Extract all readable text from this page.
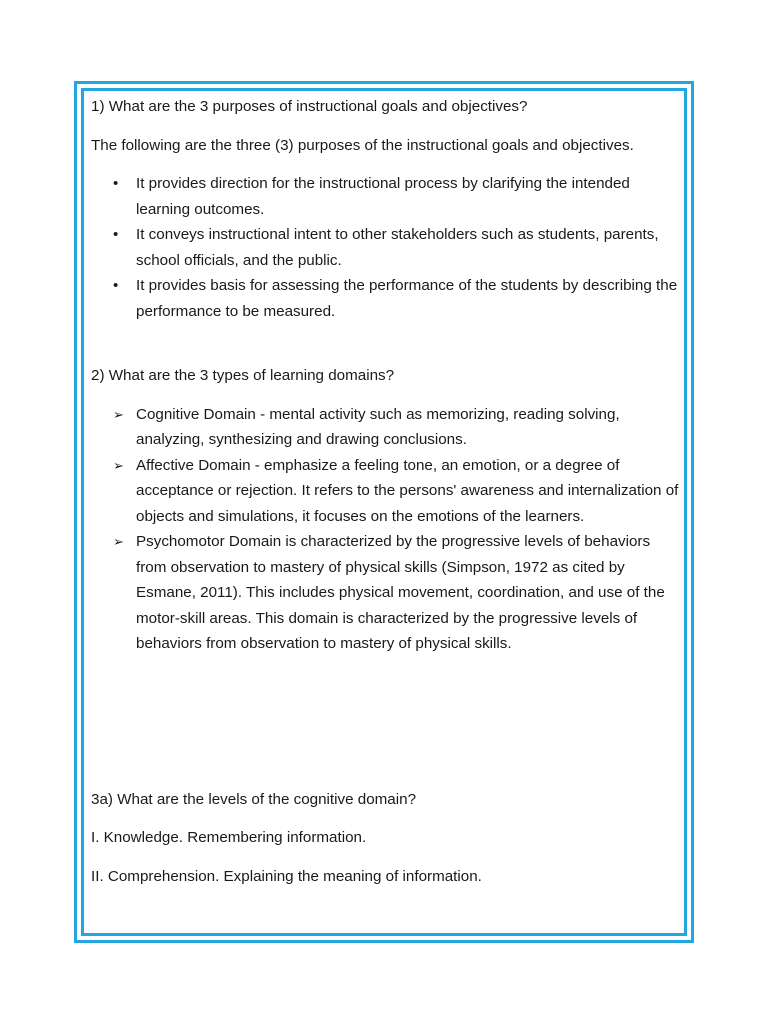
1) What are the 3 purposes of instructional goals and objectives?

The following are the three (3) purposes of the instructional goals and objectives.

• It provides direction for the instructional process by clarifying the intended learning outcomes.
• It conveys instructional intent to other stakeholders such as students, parents, school officials, and the public.
• It provides basis for assessing the performance of the students by describing the performance to be measured.

2) What are the 3 types of learning domains?

➢ Cognitive Domain - mental activity such as memorizing, reading solving, analyzing, synthesizing and drawing conclusions.
➢ Affective Domain - emphasize a feeling tone, an emotion, or a degree of acceptance or rejection. It refers to the persons' awareness and internalization of objects and simulations, it focuses on the emotions of the learners.
➢ Psychomotor Domain is characterized by the progressive levels of behaviors from observation to mastery of physical skills (Simpson, 1972 as cited by Esmane, 2011). This includes physical movement, coordination, and use of the motor-skill areas. This domain is characterized by the progressive levels of behaviors from observation to mastery of physical skills.

3a) What are the levels of the cognitive domain?

I. Knowledge. Remembering information.

II. Comprehension. Explaining the meaning of information.
